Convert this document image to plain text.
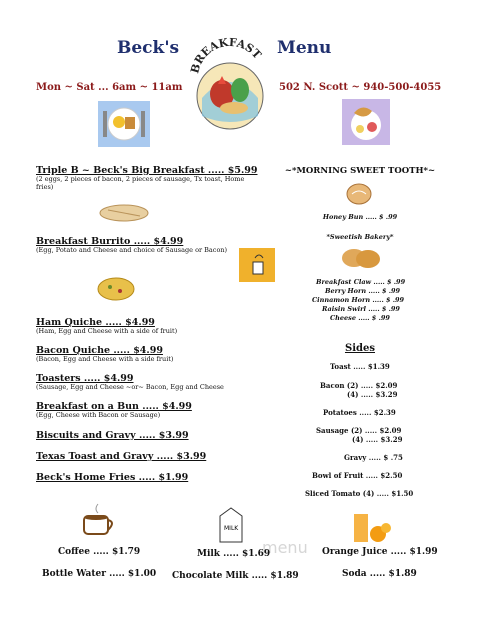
Beck's	Menu
REAKFAST
Mon ~ Sat ... 6am ~ 11am	502 N. Scott ~ 940-500-4055
Triple B ~ Beck's Big Breakfast ..... $5.99
(2 eggs, 2 pieces of bacon, 2 pieces of sausage, Tx toast, Home fries)
Breakfast Burrito ..... $4.99
(Egg, Potato and Cheese and choice of Sausage or Bacon)
Ham Quiche ..... $4.99
(Ham, Egg and Cheese with a side of fruit)
Bacon Quiche ..... $4.99
(Bacon, Egg and Cheese with a side fruit)
Toasters ..... $4.99
(Sausage, Egg and Cheese ~or~ Bacon, Egg and Cheese
Breakfast on a Bun ..... $4.99
(Egg, Cheese with Bacon or Sausage)
Biscuits and Gravy ..... $3.99
Texas Toast and Gravy ..... $3.99
Beck's Home Fries ..... $1.99
~*MORNING SWEET TOOTH*~
Honey Bun ..... $ .99
*Sweetish Bakery*
Breakfast Claw ..... $ .99
Berry Horn ..... $ .99
Cinnamon Horn ..... $ .99
Raisin Swirl ..... $ .99
Cheese ..... $ .99
Sides
Toast ..... $1.39
Bacon (2) ..... $2.09
(4) ..... $3.29
Potatoes ..... $2.39
Sausage (2) ..... $2.09
(4) ..... $3.29
Gravy ..... $ .75
Bowl of Fruit ..... $2.50
Sliced Tomato (4) ..... $1.50
MILK
menu
Coffee ..... $1.79	Milk ..... $1.69	Orange Juice ..... $1.99
Bottle Water ..... $1.00 Chocolate Milk ..... $1.89	Soda ..... $1.89
